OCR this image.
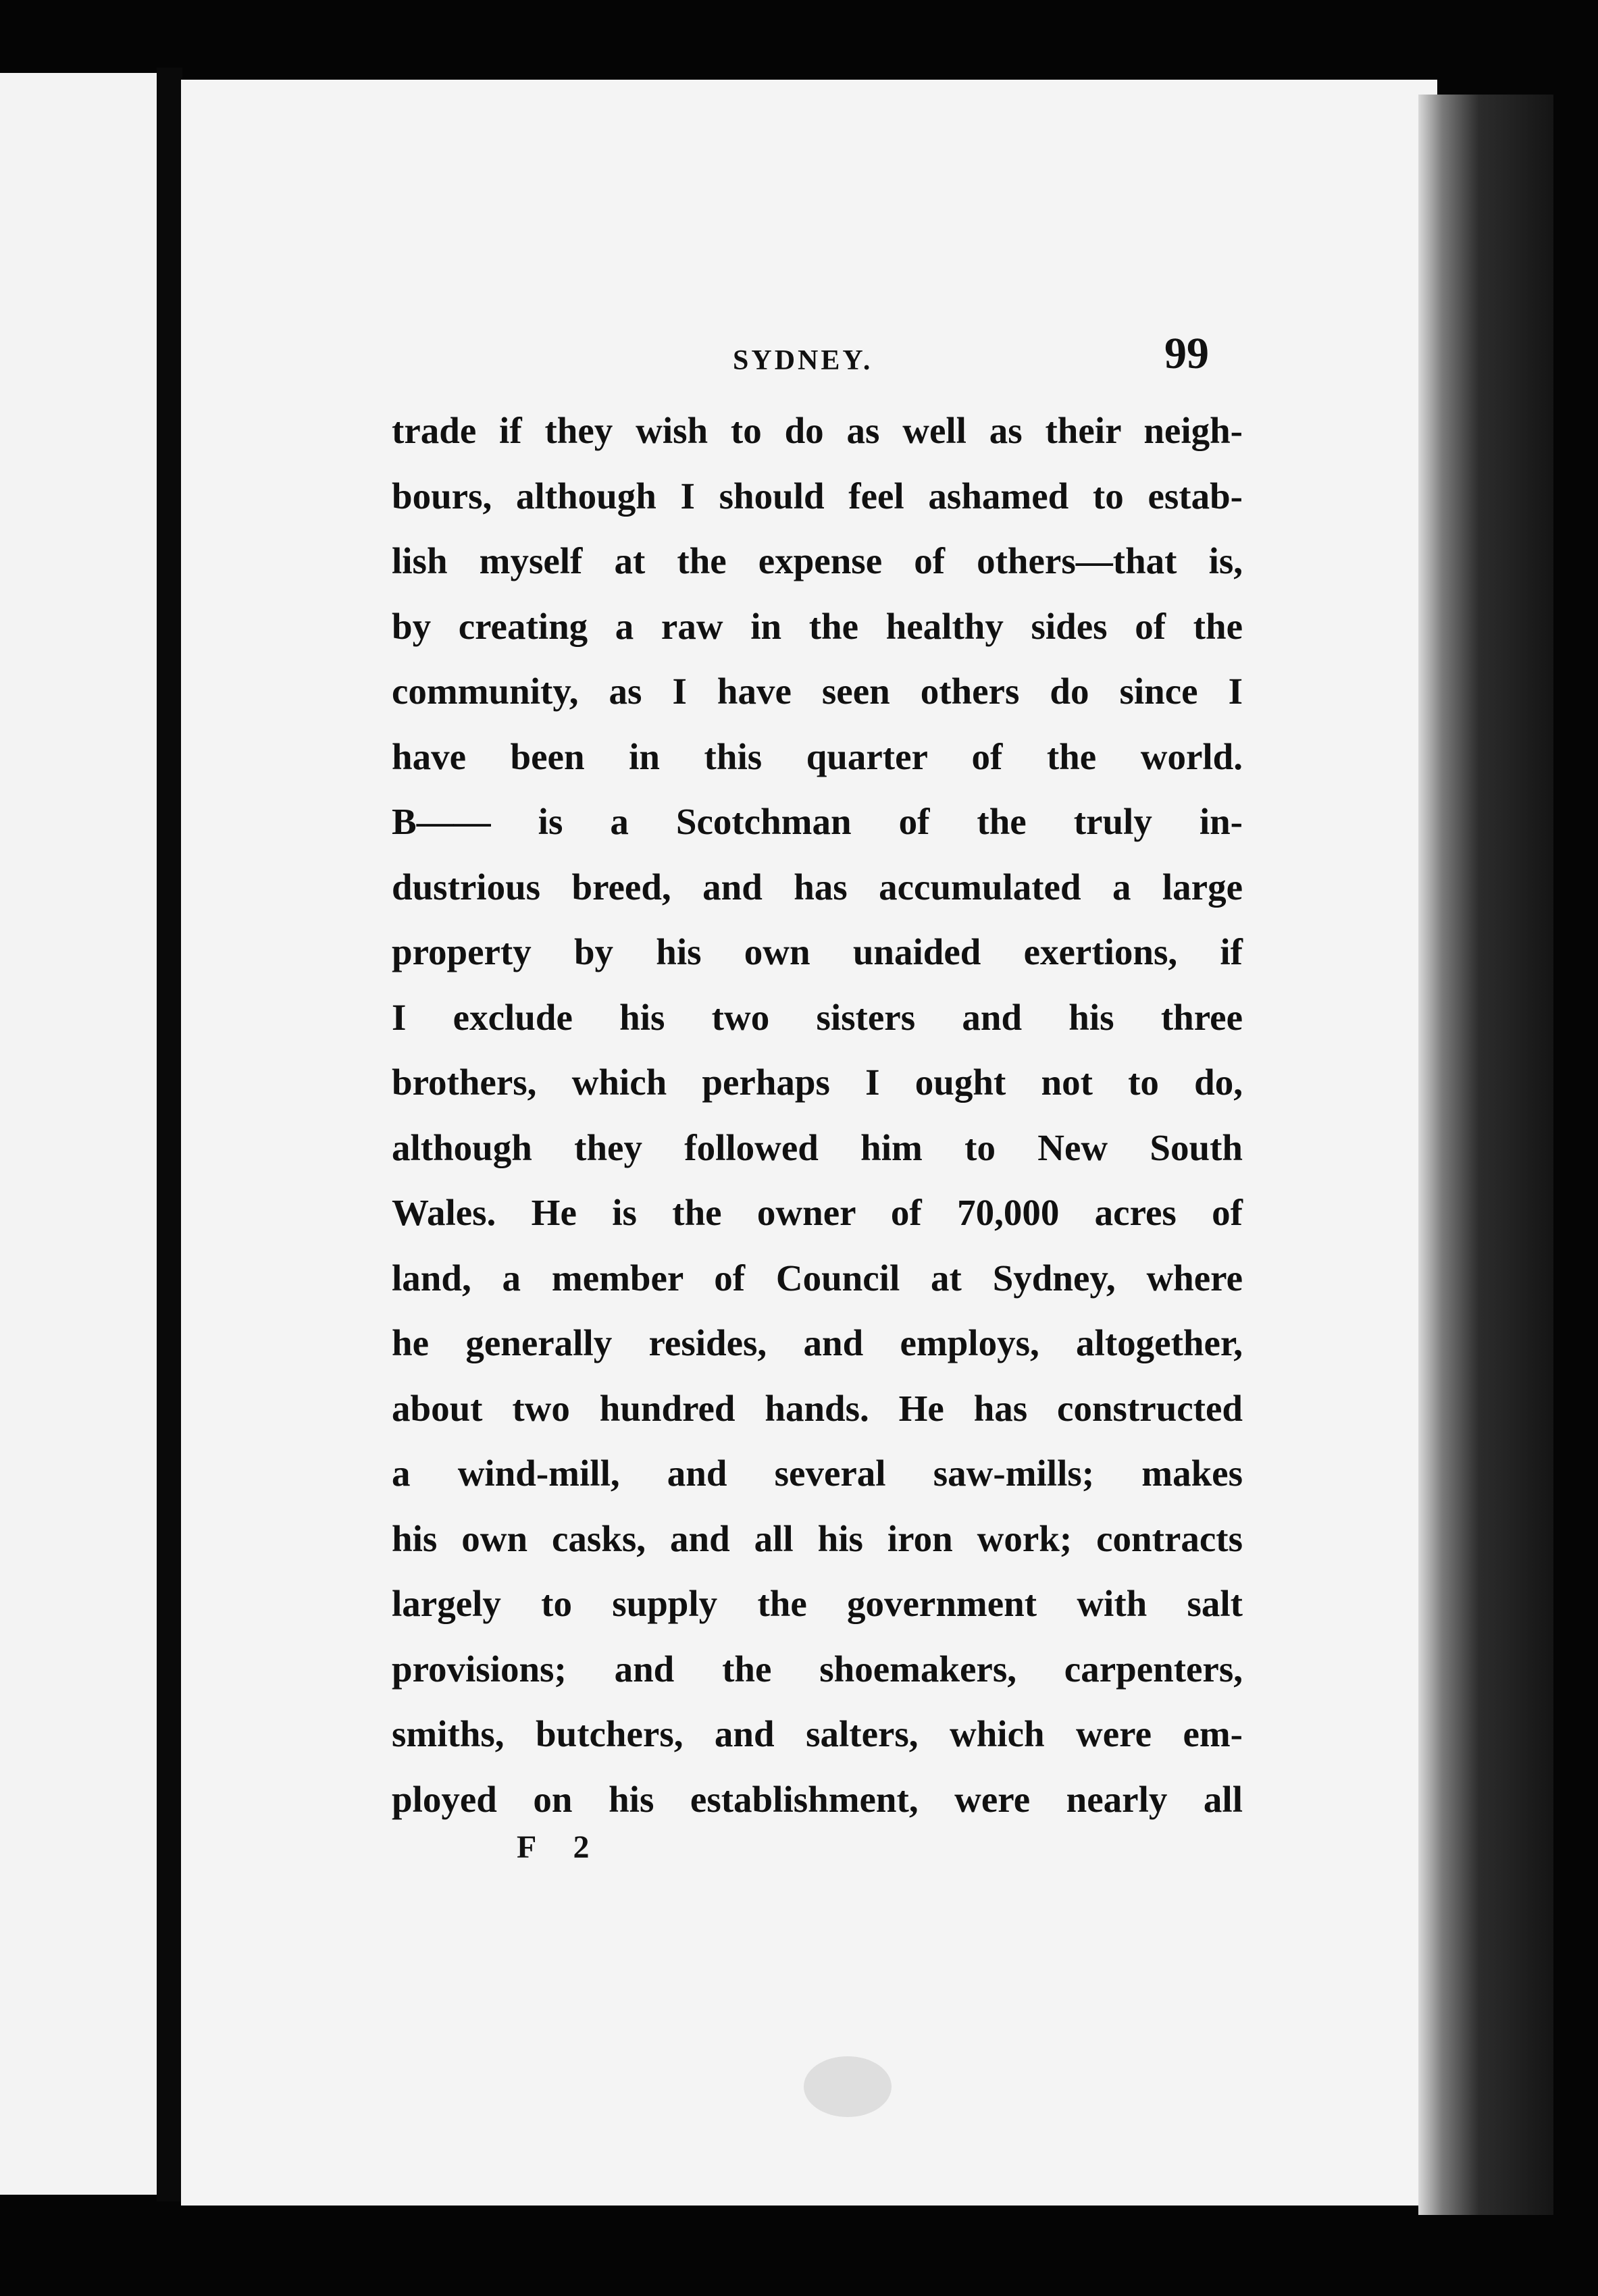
SYDNEY.	99
trade if they wish to do as well as their neigh-
bours, although I should feel ashamed to estab-
lish myself at the expense of others—that is,
by creating a raw in the healthy sides of the
community, as I have seen others do since I
have been in this quarter of the world.
B—— is a Scotchman of the truly in-
dustrious breed, and has accumulated a large
property by his own unaided exertions, if
I exclude his two sisters and his three
brothers, which perhaps I ought not to do,
although they followed him to New South
Wales. He is the owner of 70,000 acres of
land, a member of Council at Sydney, where
he generally resides, and employs, altogether,
about two hundred hands. He has constructed
a wind-mill, and several saw-mills; makes
his own casks, and all his iron work; contracts
largely to supply the government with salt
provisions; and the shoemakers, carpenters,
smiths, butchers, and salters, which were em-
ployed on his establishment, were nearly all
F 2
